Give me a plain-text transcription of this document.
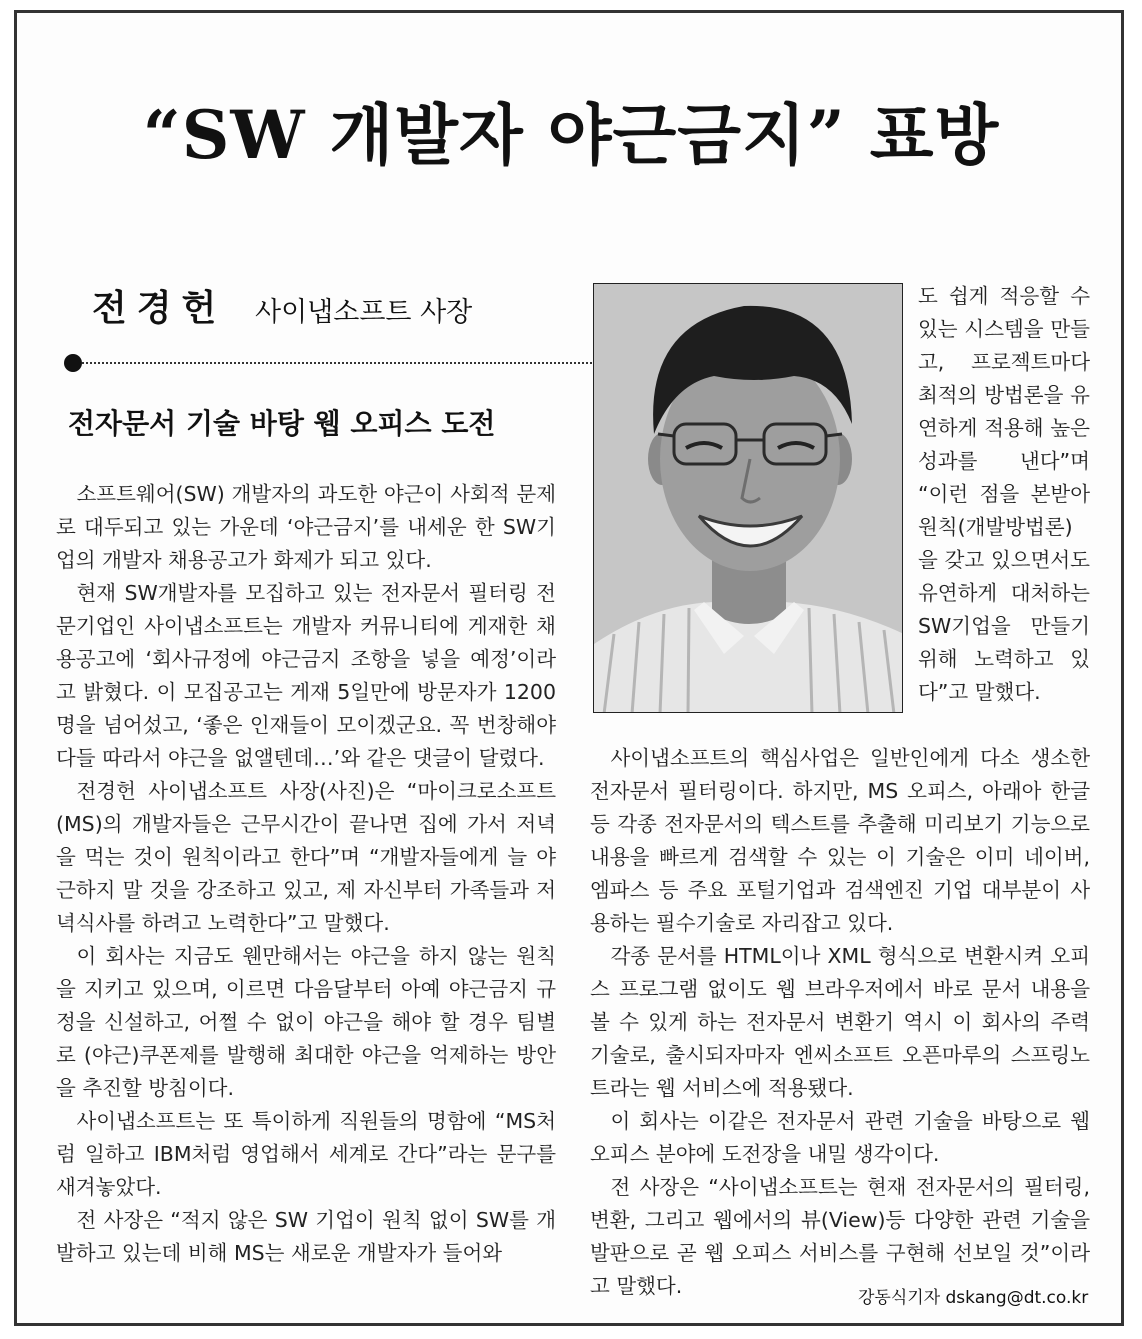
“SW 개발자 야근금지” 표방
전경헌 사이냅소프트 사장
전자문서 기술 바탕 웹 오피스 도전

도 쉽게 적응할 수 있는 시스템을 만들고, 프로젝트마다 최적의 방법론을 유연하게 적용해 높은 성과를 낸다”며 “이런 점을 본받아 원칙(개발방법론)을 갖고 있으면서도 유연하게 대처하는 SW기업을 만들기 위해 노력하고 있다”고 말했다.

소프트웨어(SW) 개발자의 과도한 야근이 사회적 문제로 대두되고 있는 가운데 ‘야근금지’를 내세운 한 SW기업의 개발자 채용공고가 화제가 되고 있다.

현재 SW개발자를 모집하고 있는 전자문서 필터링 전문기업인 사이냅소프트는 개발자 커뮤니티에 게재한 채용공고에 ‘회사규정에 야근금지 조항을 넣을 예정’이라고 밝혔다. 이 모집공고는 게재 5일만에 방문자가 1200명을 넘어섰고, ‘좋은 인재들이 모이겠군요. 꼭 번창해야 다들 따라서 야근을 없앨텐데…’와 같은 댓글이 달렸다.

전경헌 사이냅소프트 사장(사진)은 “마이크로소프트(MS)의 개발자들은 근무시간이 끝나면 집에 가서 저녁을 먹는 것이 원칙이라고 한다”며 “개발자들에게 늘 야근하지 말 것을 강조하고 있고, 제 자신부터 가족들과 저녁식사를 하려고 노력한다”고 말했다.

이 회사는 지금도 웬만해서는 야근을 하지 않는 원칙을 지키고 있으며, 이르면 다음달부터 아예 야근금지 규정을 신설하고, 어쩔 수 없이 야근을 해야 할 경우 팀별로 (야근)쿠폰제를 발행해 최대한 야근을 억제하는 방안을 추진할 방침이다.

사이냅소프트는 또 특이하게 직원들의 명함에 “MS처럼 일하고 IBM처럼 영업해서 세계로 간다”라는 문구를 새겨놓았다.

전 사장은 “적지 않은 SW 기업이 원칙 없이 SW를 개발하고 있는데 비해 MS는 새로운 개발자가 들어와

사이냅소프트의 핵심사업은 일반인에게 다소 생소한 전자문서 필터링이다. 하지만, MS 오피스, 아래아 한글 등 각종 전자문서의 텍스트를 추출해 미리보기 기능으로 내용을 빠르게 검색할 수 있는 이 기술은 이미 네이버, 엠파스 등 주요 포털기업과 검색엔진 기업 대부분이 사용하는 필수기술로 자리잡고 있다.

각종 문서를 HTML이나 XML 형식으로 변환시켜 오피스 프로그램 없이도 웹 브라우저에서 바로 문서 내용을 볼 수 있게 하는 전자문서 변환기 역시 이 회사의 주력 기술로, 출시되자마자 엔씨소프트 오픈마루의 스프링노트라는 웹 서비스에 적용됐다.

이 회사는 이같은 전자문서 관련 기술을 바탕으로 웹 오피스 분야에 도전장을 내밀 생각이다.

전 사장은 “사이냅소프트는 현재 전자문서의 필터링, 변환, 그리고 웹에서의 뷰(View)등 다양한 관련 기술을 발판으로 곧 웹 오피스 서비스를 구현해 선보일 것”이라고 말했다.	강동식기자 dskang@dt.co.kr
